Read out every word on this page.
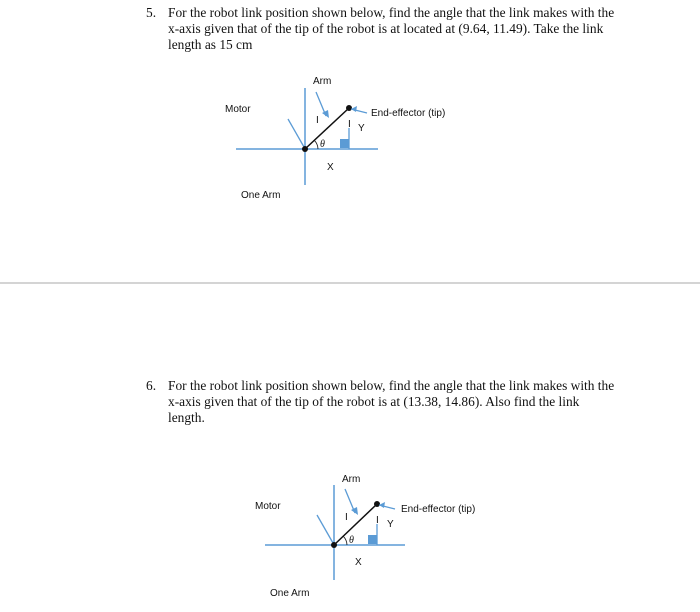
5. For the robot link position shown below, find the angle that the link makes with the x-axis given that of the tip of the robot is at located at (9.64, 11.49). Take the link length as 15 cm
Arm
Motor	End-effector (tip)
Y
X
θ
I	I
One Arm
6. For the robot link position shown below, find the angle that the link makes with the x-axis given that of the tip of the robot is at (13.38, 14.86). Also find the link length.
Arm
Motor	End-effector (tip)
Y
X
θ
I	I
One Arm
